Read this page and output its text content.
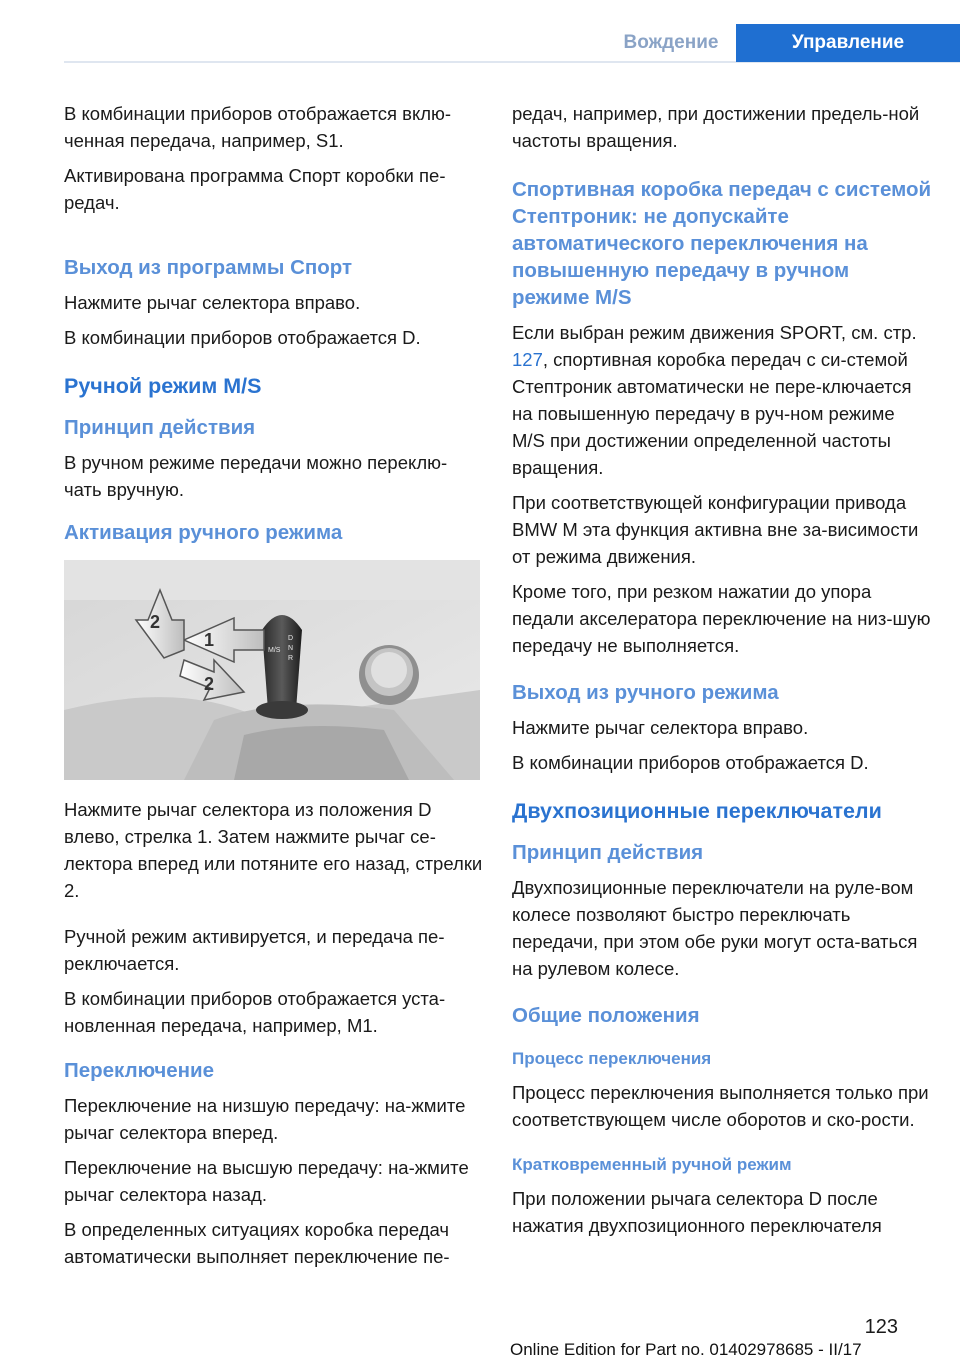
Вождение	Управление

В комбинации приборов отображается вклю-ченная передача, например, S1.

Активирована программа Спорт коробки пе-редач.

Выход из программы Спорт

Нажмите рычаг селектора вправо.

В комбинации приборов отображается D.

Ручной режим M/S
Принцип действия

В ручном режиме передачи можно переклю-чать вручную.

Активация ручного режима
M/S
D
N
R
1
2
2

Нажмите рычаг селектора из положения D влево, стрелка 1. Затем нажмите рычаг се-лектора вперед или потяните его назад, стрелки 2.

Ручной режим активируется, и передача пе-реключается.

В комбинации приборов отображается уста-новленная передача, например, M1.

Переключение

Переключение на низшую передачу: на-жмите рычаг селектора вперед.

Переключение на высшую передачу: на-жмите рычаг селектора назад.

В определенных ситуациях коробка передач автоматически выполняет переключение пе-

редач, например, при достижении предель-ной частоты вращения.

Спортивная коробка передач с системой Стептроник: не допускайте автоматического переключения на повышенную передачу в ручном режиме M/S

Если выбран режим движения SPORT, см. стр. 127, спортивная коробка передач с си-стемой Стептроник автоматически не пере-ключается на повышенную передачу в руч-ном режиме M/S при достижении определенной частоты вращения.

При соответствующей конфигурации привода BMW M эта функция активна вне за-висимости от режима движения.

Кроме того, при резком нажатии до упора педали акселератора переключение на низ-шую передачу не выполняется.

Выход из ручного режима

Нажмите рычаг селектора вправо.

В комбинации приборов отображается D.

Двухпозиционные переключатели
Принцип действия

Двухпозиционные переключатели на руле-вом колесе позволяют быстро переключать передачи, при этом обе руки могут оста-ваться на рулевом колесе.

Общие положения
Процесс переключения

Процесс переключения выполняется только при соответствующем числе оборотов и ско-рости.

Кратковременный ручной режим

При положении рычага селектора D после нажатия двухпозиционного переключателя

123
Online Edition for Part no. 01402978685 - II/17
